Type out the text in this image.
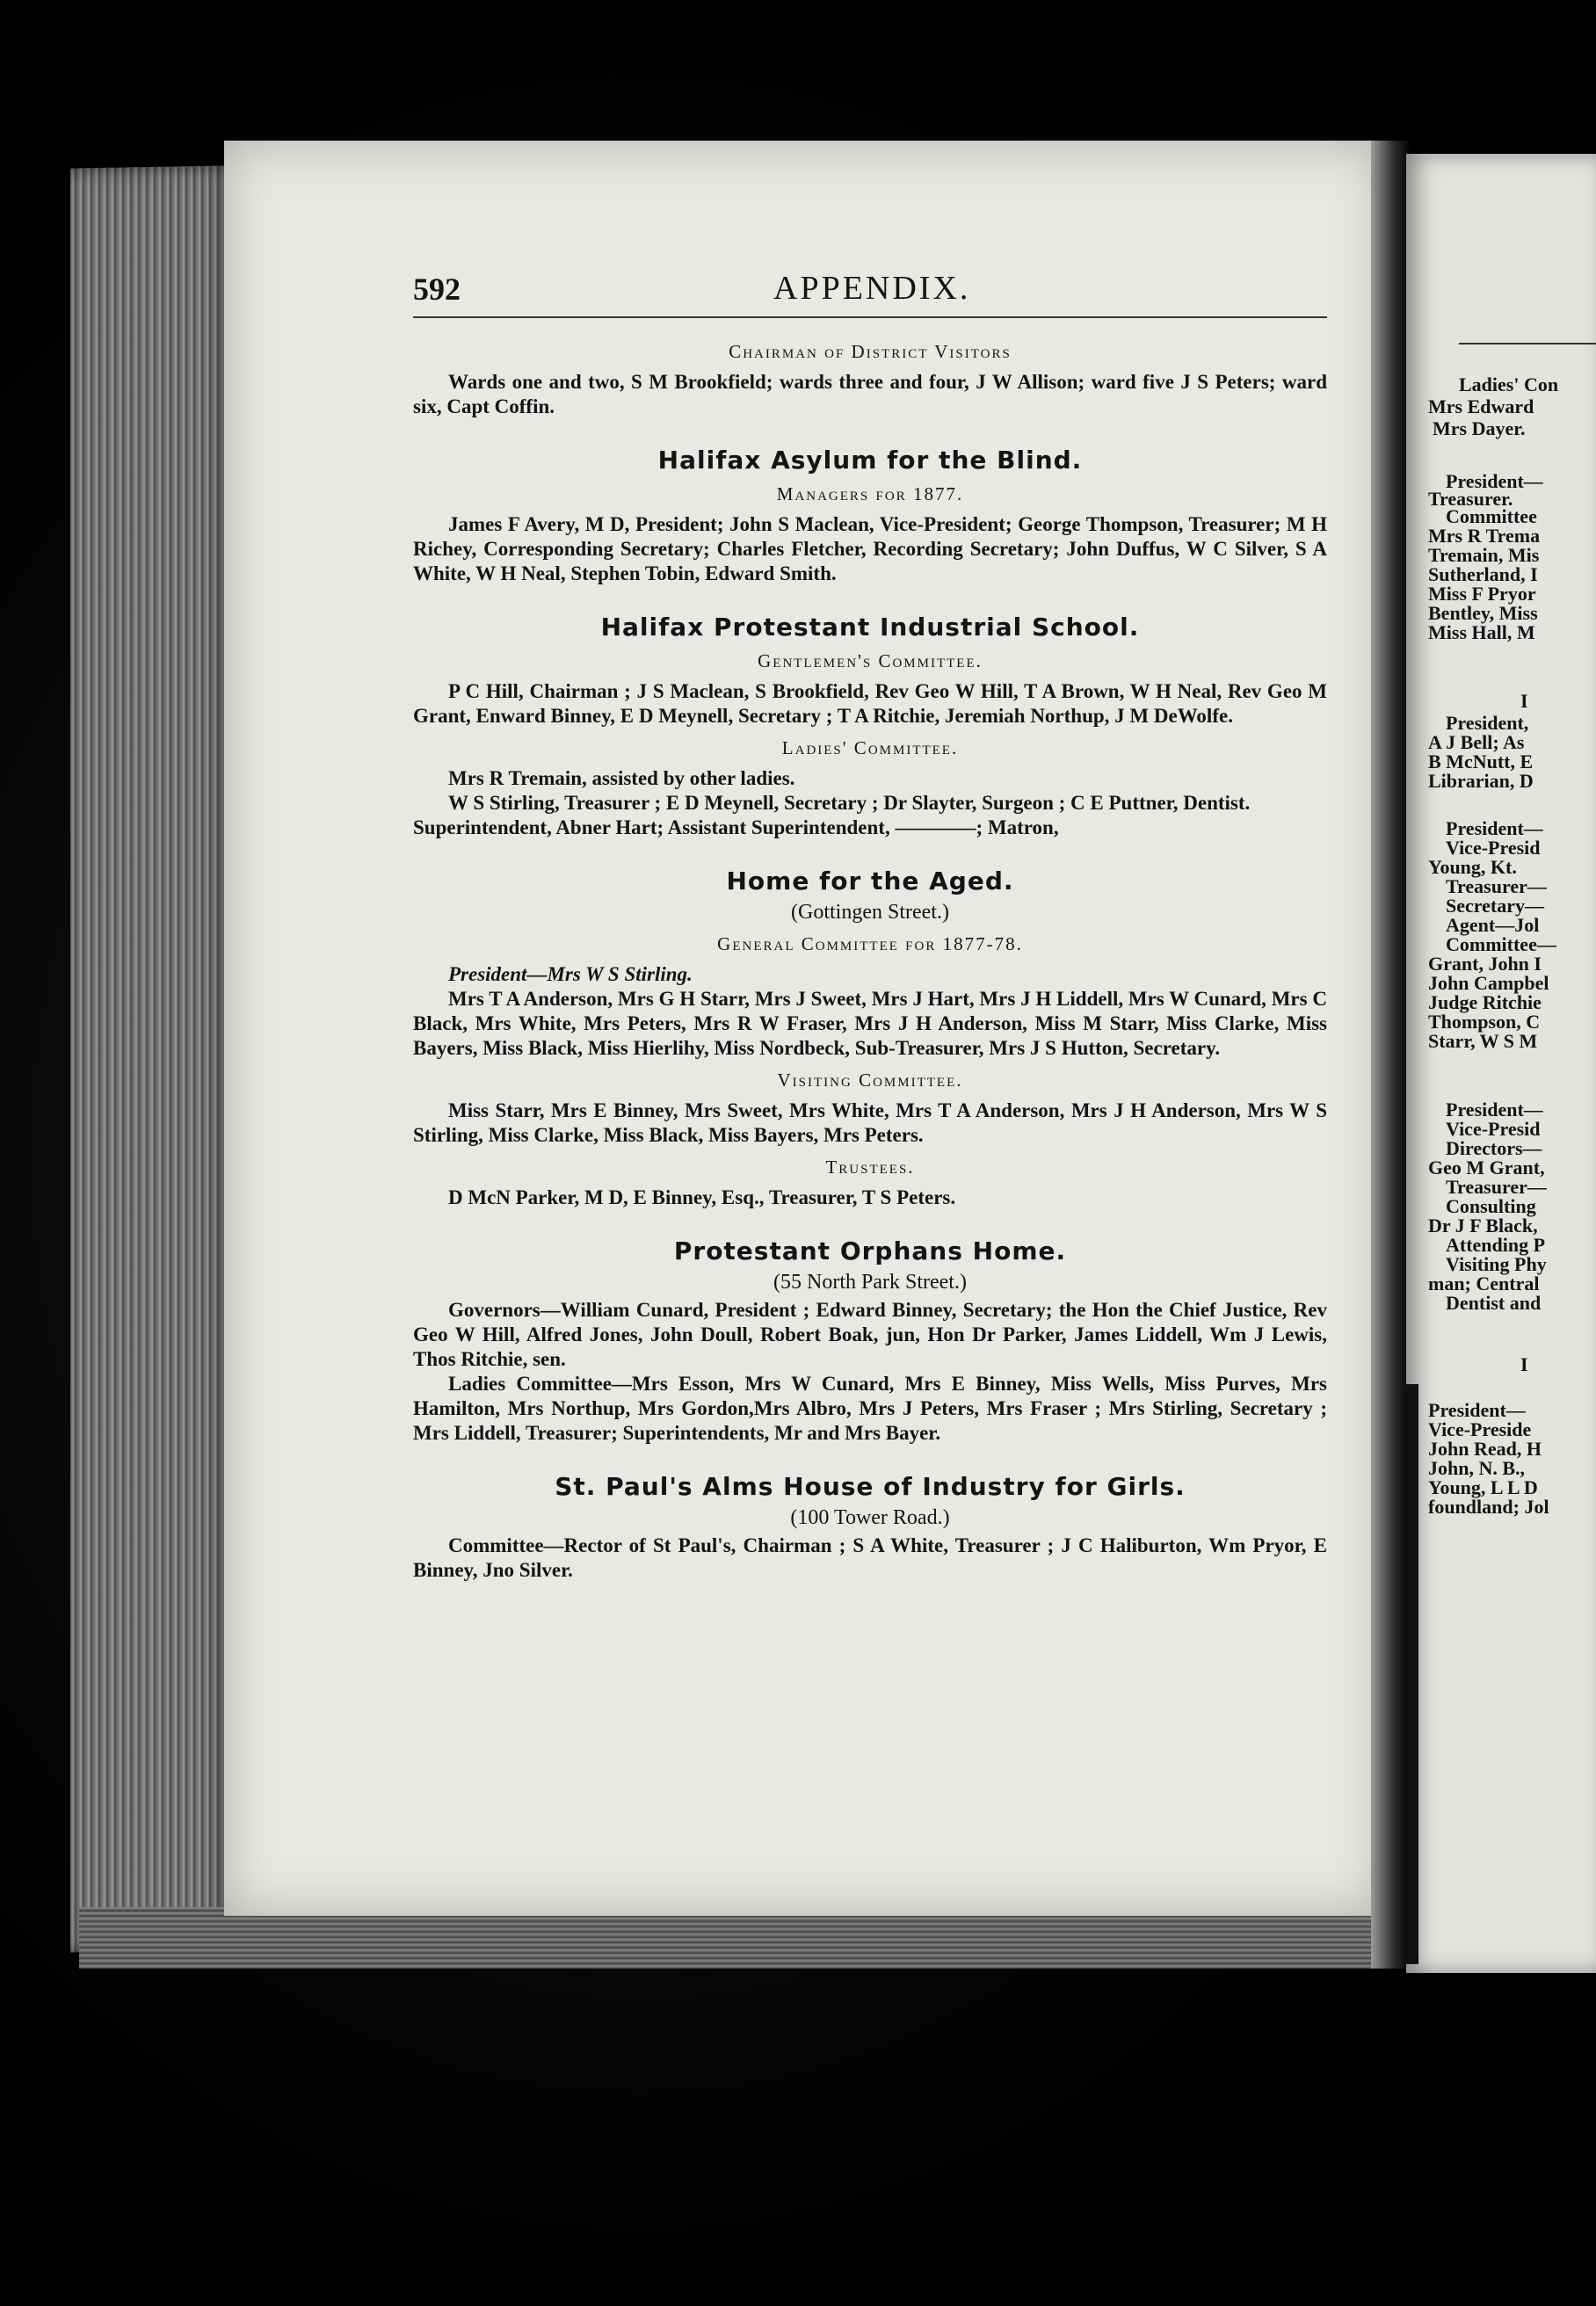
Ladies' Con
Mrs Edward
Mrs Dayer.
President—
Treasurer.
Committee
Mrs R Trema
Tremain, Mis
Sutherland, I
Miss F Pryor
Bentley, Miss
Miss Hall, M
I
President,
A J Bell; As
B McNutt, E
Librarian, D
President—
Vice-Presid
Young, Kt.
Treasurer—
Secretary—
Agent—Jol
Committee—
Grant, John I
John Campbel
Judge Ritchie
Thompson, C
Starr, W S M
President—
Vice-Presid
Directors—
Geo M Grant,
Treasurer—
Consulting
Dr J F Black,
Attending P
Visiting Phy
man; Central
Dentist and
I
President—
Vice-Preside
John Read, H
John, N. B.,
Young, L L D
foundland; Jol
592	APPENDIX.
Chairman of District Visitors
Wards one and two, S M Brookfield; wards three and four, J W Allison; ward five J S Peters; ward six, Capt Coffin.
Halifax Asylum for the Blind.
Managers for 1877.
James F Avery, M D, President; John S Maclean, Vice-President; George Thompson, Treasurer; M H Richey, Corresponding Secretary; Charles Fletcher, Recording Secretary; John Duffus, W C Silver, S A White, W H Neal, Stephen Tobin, Edward Smith.
Halifax Protestant Industrial School.
Gentlemen's Committee.
P C Hill, Chairman ; J S Maclean, S Brookfield, Rev Geo W Hill, T A Brown, W H Neal, Rev Geo M Grant, Enward Binney, E D Meynell, Secretary ; T A Ritchie, Jeremiah Northup, J M DeWolfe.
Ladies' Committee.
Mrs R Tremain, assisted by other ladies.
W S Stirling, Treasurer ; E D Meynell, Secretary ; Dr Slayter, Surgeon ; C E Puttner, Dentist.
Superintendent, Abner Hart; Assistant Superintendent, ————; Matron,
Home for the Aged.
(Gottingen Street.)
General Committee for 1877-78.
President—Mrs W S Stirling.
Mrs T A Anderson, Mrs G H Starr, Mrs J Sweet, Mrs J Hart, Mrs J H Liddell, Mrs W Cunard, Mrs C Black, Mrs White, Mrs Peters, Mrs R W Fraser, Mrs J H Anderson, Miss M Starr, Miss Clarke, Miss Bayers, Miss Black, Miss Hierlihy, Miss Nordbeck, Sub-Treasurer, Mrs J S Hutton, Secretary.
Visiting Committee.
Miss Starr, Mrs E Binney, Mrs Sweet, Mrs White, Mrs T A Anderson, Mrs J H Anderson, Mrs W S Stirling, Miss Clarke, Miss Black, Miss Bayers, Mrs Peters.
Trustees.
D McN Parker, M D, E Binney, Esq., Treasurer, T S Peters.
Protestant Orphans Home.
(55 North Park Street.)
Governors—William Cunard, President ; Edward Binney, Secretary; the Hon the Chief Justice, Rev Geo W Hill, Alfred Jones, John Doull, Robert Boak, jun, Hon Dr Parker, James Liddell, Wm J Lewis, Thos Ritchie, sen.
Ladies Committee—Mrs Esson, Mrs W Cunard, Mrs E Binney, Miss Wells, Miss Purves, Mrs Hamilton, Mrs Northup, Mrs Gordon,Mrs Albro, Mrs J Peters, Mrs Fraser ; Mrs Stirling, Secretary ; Mrs Liddell, Treasurer; Superintendents, Mr and Mrs Bayer.
St. Paul's Alms House of Industry for Girls.
(100 Tower Road.)
Committee—Rector of St Paul's, Chairman ; S A White, Treasurer ; J C Haliburton, Wm Pryor, E Binney, Jno Silver.
